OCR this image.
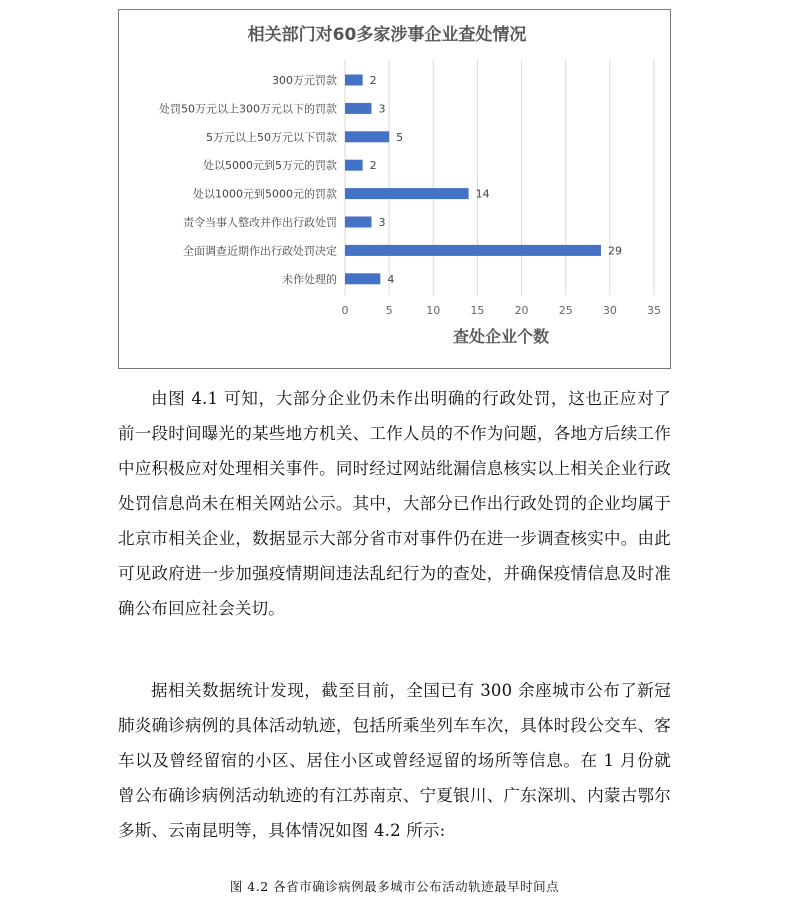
相关部门对60多家涉事企业查处情况
300万元罚款	2
处罚50万元以上300万元以下的罚款	3
5万元以上50万元以下罚款	5
处以5000元到5万元的罚款	2
处以1000元到5000元的罚款	14
责令当事人整改并作出行政处罚	3
全面调查近期作出行政处罚决定	29
未作处理的	4
0	5	10	15	20	25	30	35
查处企业个数

由图 4.1 可知，大部分企业仍未作出明确的行政处罚，这也正应对了前一段时间曝光的某些地方机关、工作人员的不作为问题，各地方后续工作中应积极应对处理相关事件。同时经过网站纰漏信息核实以上相关企业行政处罚信息尚未在相关网站公示。其中，大部分已作出行政处罚的企业均属于北京市相关企业，数据显示大部分省市对事件仍在进一步调查核实中。由此可见政府进一步加强疫情期间违法乱纪行为的查处，并确保疫情信息及时准确公布回应社会关切。

据相关数据统计发现，截至目前，全国已有 300 余座城市公布了新冠肺炎确诊病例的具体活动轨迹，包括所乘坐列车车次，具体时段公交车、客车以及曾经留宿的小区、居住小区或曾经逗留的场所等信息。在 1 月份就曾公布确诊病例活动轨迹的有江苏南京、宁夏银川、广东深圳、内蒙古鄂尔多斯、云南昆明等，具体情况如图 4.2 所示:

图 4.2 各省市确诊病例最多城市公布活动轨迹最早时间点
